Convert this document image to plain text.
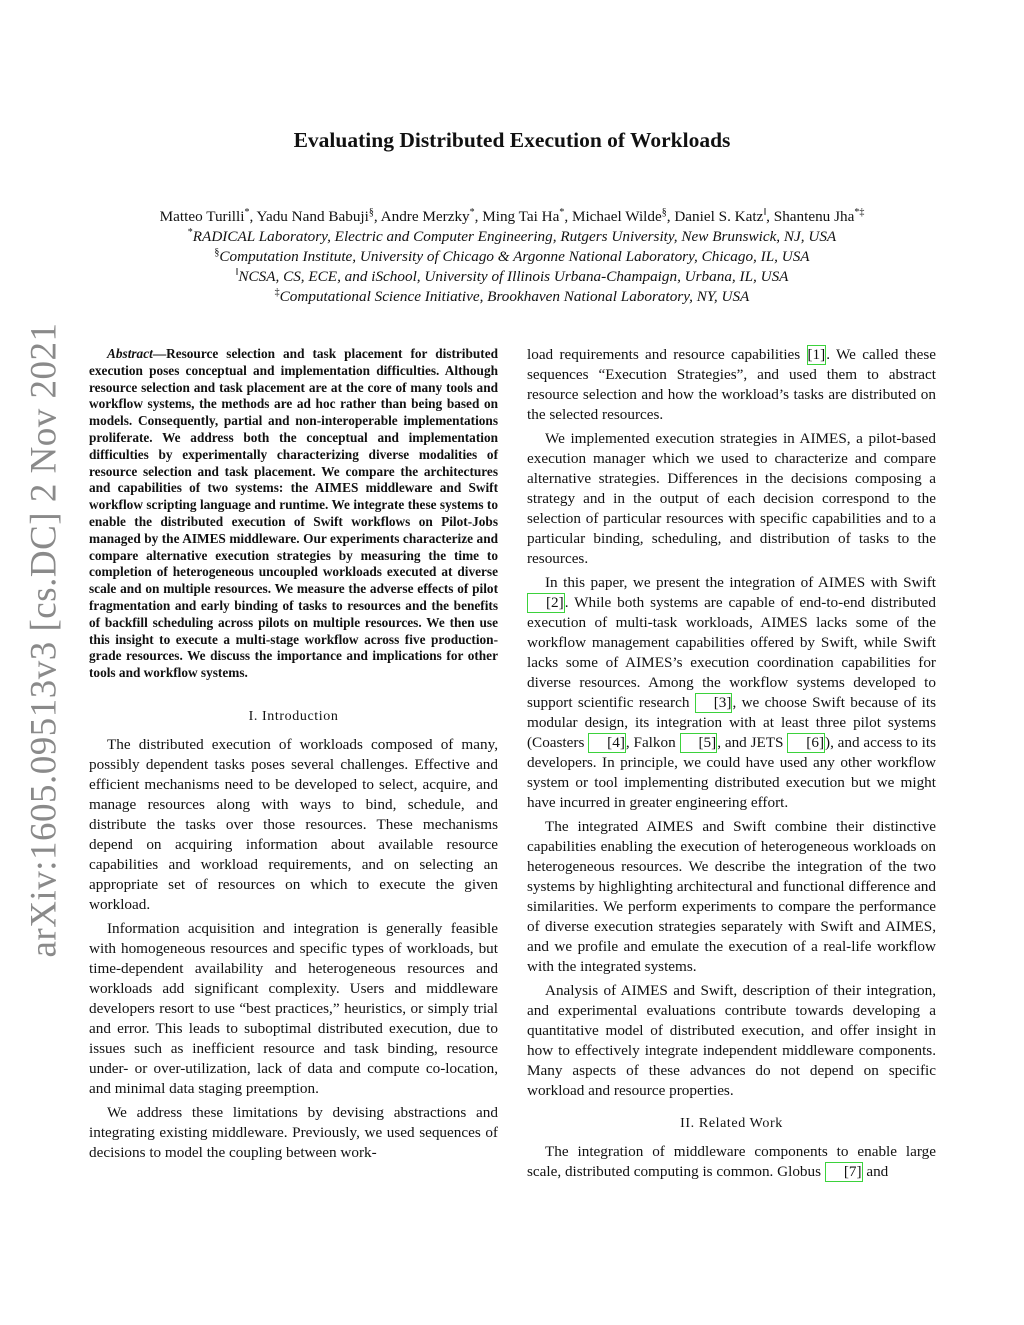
arXiv:1605.09513v3 [cs.DC] 2 Nov 2021
Evaluating Distributed Execution of Workloads
Matteo Turilli*, Yadu Nand Babuji§, Andre Merzky*, Ming Tai Ha*, Michael Wilde§, Daniel S. Katz‖, Shantenu Jha*‡
*RADICAL Laboratory, Electric and Computer Engineering, Rutgers University, New Brunswick, NJ, USA
§Computation Institute, University of Chicago & Argonne National Laboratory, Chicago, IL, USA
‖NCSA, CS, ECE, and iSchool, University of Illinois Urbana-Champaign, Urbana, IL, USA
‡Computational Science Initiative, Brookhaven National Laboratory, NY, USA

Abstract—Resource selection and task placement for distributed execution poses conceptual and implementation difficulties. Although resource selection and task placement are at the core of many tools and workflow systems, the methods are ad hoc rather than being based on models. Consequently, partial and non-interoperable implementations proliferate. We address both the conceptual and implementation difficulties by experimentally characterizing diverse modalities of resource selection and task placement. We compare the architectures and capabilities of two systems: the AIMES middleware and Swift workflow scripting language and runtime. We integrate these systems to enable the distributed execution of Swift workflows on Pilot-Jobs managed by the AIMES middleware. Our experiments characterize and compare alternative execution strategies by measuring the time to completion of heterogeneous uncoupled workloads executed at diverse scale and on multiple resources. We measure the adverse effects of pilot fragmentation and early binding of tasks to resources and the benefits of backfill scheduling across pilots on multiple resources. We then use this insight to execute a multi-stage workflow across five production-grade resources. We discuss the importance and implications for other tools and workflow systems.

I. Introduction

The distributed execution of workloads composed of many, possibly dependent tasks poses several challenges. Effective and efficient mechanisms need to be developed to select, acquire, and manage resources along with ways to bind, schedule, and distribute the tasks over those resources. These mechanisms depend on acquiring information about available resource capabilities and workload requirements, and on selecting an appropriate set of resources on which to execute the given workload.

Information acquisition and integration is generally feasible with homogeneous resources and specific types of workloads, but time-dependent availability and heterogeneous resources and workloads add significant complexity. Users and middleware developers resort to use “best practices,” heuristics, or simply trial and error. This leads to suboptimal distributed execution, due to issues such as inefficient resource and task binding, resource under- or over-utilization, lack of data and compute co-location, and minimal data staging preemption.

We address these limitations by devising abstractions and integrating existing middleware. Previously, we used sequences of decisions to model the coupling between work-

load requirements and resource capabilities [1]. We called these sequences “Execution Strategies”, and used them to abstract resource selection and how the workload’s tasks are distributed on the selected resources.

We implemented execution strategies in AIMES, a pilot-based execution manager which we used to characterize and compare alternative strategies. Differences in the decisions composing a strategy and in the output of each decision correspond to the selection of particular resources with specific capabilities and to a particular binding, scheduling, and distribution of tasks to the resources.

In this paper, we present the integration of AIMES with Swift [2]. While both systems are capable of end-to-end distributed execution of multi-task workloads, AIMES lacks some of the workflow management capabilities offered by Swift, while Swift lacks some of AIMES’s execution coordination capabilities for diverse resources. Among the workflow systems developed to support scientific research [3], we choose Swift because of its modular design, its integration with at least three pilot systems (Coasters [4], Falkon [5], and JETS [6]), and access to its developers. In principle, we could have used any other workflow system or tool implementing distributed execution but we might have incurred in greater engineering effort.

The integrated AIMES and Swift combine their distinctive capabilities enabling the execution of heterogeneous workloads on heterogeneous resources. We describe the integration of the two systems by highlighting architectural and functional difference and similarities. We perform experiments to compare the performance of diverse execution strategies separately with Swift and AIMES, and we profile and emulate the execution of a real-life workflow with the integrated systems.

Analysis of AIMES and Swift, description of their integration, and experimental evaluations contribute towards developing a quantitative model of distributed execution, and offer insight in how to effectively integrate independent middleware components. Many aspects of these advances do not depend on specific workload and resource properties.

II. Related Work

The integration of middleware components to enable large scale, distributed computing is common. Globus [7] and
